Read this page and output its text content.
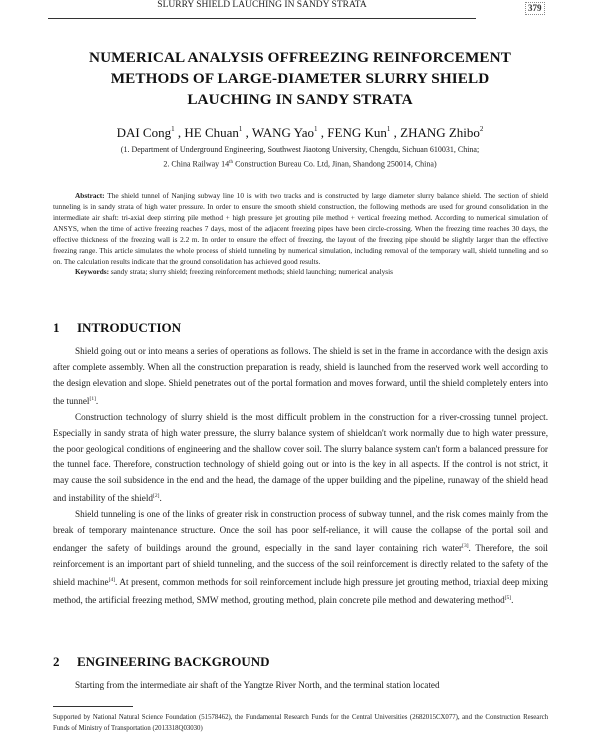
SLURRY SHIELD LAUCHING IN SANDY STRATA	379
NUMERICAL ANALYSIS OFFREEZING REINFORCEMENT
METHODS OF LARGE-DIAMETER SLURRY SHIELD
LAUCHING IN SANDY STRATA
DAI Cong$^1$ , HE Chuan$^1$ , WANG Yao$^1$ , FENG Kun$^1$ , ZHANG Zhibo$^2$
(1. Department of Underground Engineering, Southwest Jiaotong University, Chengdu, Sichuan 610031, China;
2. China Railway 14th Construction Bureau Co. Ltd, Jinan, Shandong 250014, China)
Abstract: The shield tunnel of Nanjing subway line 10 is with two tracks and is constructed by large diameter slurry balance shield. The section of shield tunneling is in sandy strata of high water pressure. In order to ensure the smooth shield construction, the following methods are used for ground consolidation in the intermediate air shaft: tri-axial deep stirring pile method + high pressure jet grouting pile method + vertical freezing method. According to numerical simulation of ANSYS, when the time of active freezing reaches 7 days, most of the adjacent freezing pipes have been circle-crossing. When the freezing time reaches 30 days, the effective thickness of the freezing wall is 2.2 m. In order to ensure the effect of freezing, the layout of the freezing pipe should be slightly larger than the effective freezing range. This article simulates the whole process of shield tunneling by numerical simulation, including removal of the temporary wall, shield tunneling and so on. The calculation results indicate that the ground consolidation has achieved good results.
Keywords: sandy strata; slurry shield; freezing reinforcement methods; shield launching; numerical analysis
1 INTRODUCTION

Shield going out or into means a series of operations as follows. The shield is set in the frame in accordance with the design axis after complete assembly. When all the construction preparation is ready, shield is launched from the reserved work well according to the design elevation and slope. Shield penetrates out of the portal formation and moves forward, until the shield completely enters into the tunnel[1].

Construction technology of slurry shield is the most difficult problem in the construction for a river-crossing tunnel project. Especially in sandy strata of high water pressure, the slurry balance system of shieldcan't work normally due to high water pressure, the poor geological conditions of engineering and the shallow cover soil. The slurry balance system can't form a balanced pressure for the tunnel face. Therefore, construction technology of shield going out or into is the key in all aspects. If the control is not strict, it may cause the soil subsidence in the end and the head, the damage of the upper building and the pipeline, runaway of the shield head and instability of the shield[2].

Shield tunneling is one of the links of greater risk in construction process of subway tunnel, and the risk comes mainly from the break of temporary maintenance structure. Once the soil has poor self-reliance, it will cause the collapse of the portal soil and endanger the safety of buildings around the ground, especially in the sand layer containing rich water[3]. Therefore, the soil reinforcement is an important part of shield tunneling, and the success of the soil reinforcement is directly related to the safety of the shield machine[4]. At present, common methods for soil reinforcement include high pressure jet grouting method, triaxial deep mixing method, the artificial freezing method, SMW method, grouting method, plain concrete pile method and dewatering method[5].

2 ENGINEERING BACKGROUND

Starting from the intermediate air shaft of the Yangtze River North, and the terminal station located

Supported by National Natural Science Foundation (51578462), the Fundamental Research Funds for the Central Universities (2682015CX077), and the Construction Research Funds of Ministry of Transportation (2013318Q03030)
